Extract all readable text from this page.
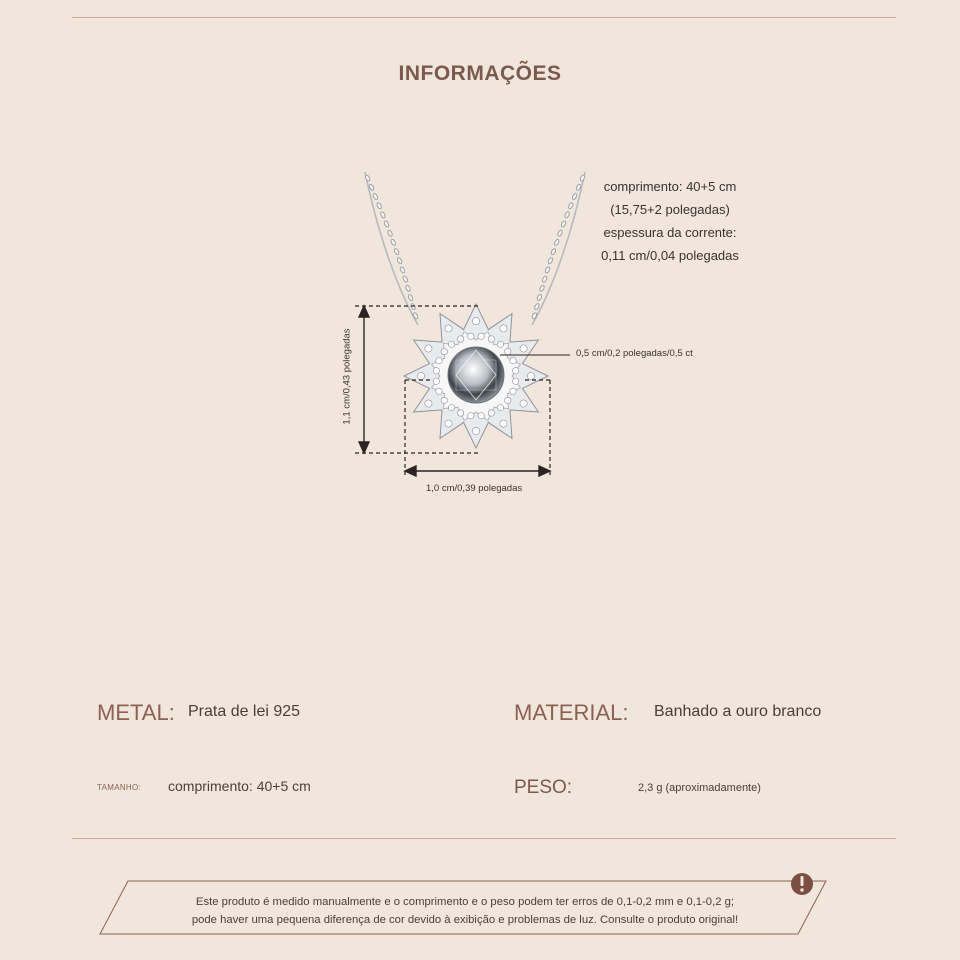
INFORMAÇÕES
comprimento: 40+5 cm
(15,75+2 polegadas)
espessura da corrente:
0,11 cm/0,04 polegadas
0,5 cm/0,2 polegadas/0,5 ct
1,1 cm/0,43 polegadas
1,0 cm/0,39 polegadas
METAL: Prata de lei 925	MATERIAL: Banhado a ouro branco
TAMANHO: comprimento: 40+5 cm	PESO:	2,3 g (aproximadamente)
Este produto é medido manualmente e o comprimento e o peso podem ter erros de 0,1-0,2 mm e 0,1-0,2 g;
pode haver uma pequena diferença de cor devido à exibição e problemas de luz. Consulte o produto original!
